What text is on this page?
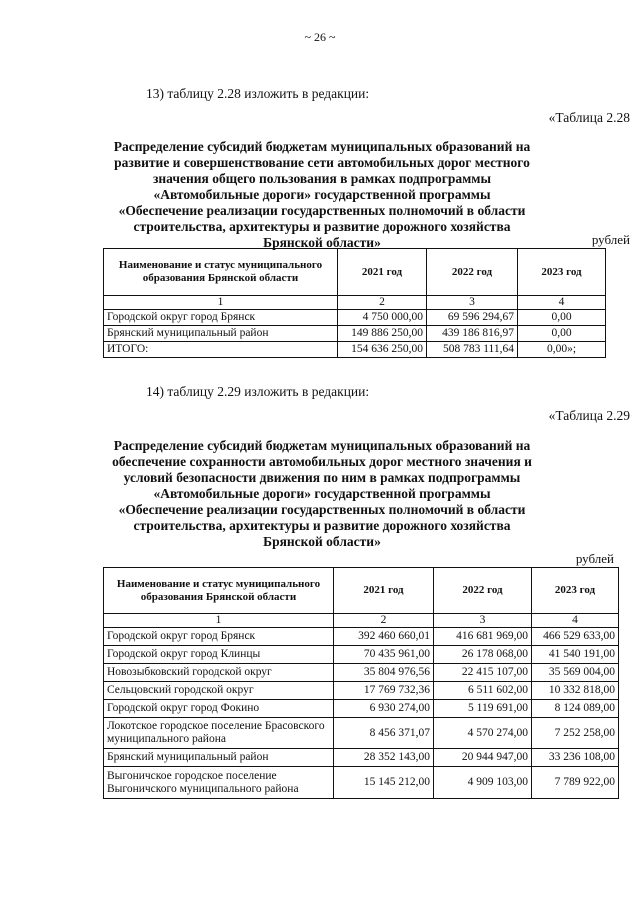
~ 26 ~
13) таблицу 2.28 изложить в редакции:
«Таблица 2.28
Распределение субсидий бюджетам муниципальных образований на развитие и совершенствование сети автомобильных дорог местного значения общего пользования в рамках подпрограммы «Автомобильные дороги» государственной программы «Обеспечение реализации государственных полномочий в области строительства, архитектуры и развитие дорожного хозяйства Брянской области»	рублей
Наименование и статус муниципального образования Брянской области	2021 год	2022 год	2023 год
1	2	3	4
Городской округ город Брянск	4 750 000,00	69 596 294,67	0,00
Брянский муниципальный район	149 886 250,00	439 186 816,97	0,00
ИТОГО:	154 636 250,00	508 783 111,64	0,00»;
14) таблицу 2.29 изложить в редакции:
«Таблица 2.29
Распределение субсидий бюджетам муниципальных образований на обеспечение сохранности автомобильных дорог местного значения и условий безопасности движения по ним в рамках подпрограммы «Автомобильные дороги» государственной программы «Обеспечение реализации государственных полномочий в области строительства, архитектуры и развитие дорожного хозяйства Брянской области»
рублей
Наименование и статус муниципального образования Брянской области	2021 год	2022 год	2023 год
1	2	3	4
Городской округ город Брянск	392 460 660,01	416 681 969,00	466 529 633,00
Городской округ город Клинцы	70 435 961,00	26 178 068,00	41 540 191,00
Новозыбковский городской округ	35 804 976,56	22 415 107,00	35 569 004,00
Сельцовский городской округ	17 769 732,36	6 511 602,00	10 332 818,00
Городской округ город Фокино	6 930 274,00	5 119 691,00	8 124 089,00
Локотское городское поселение Брасовского муниципального района	8 456 371,07	4 570 274,00	7 252 258,00
Брянский муниципальный район	28 352 143,00	20 944 947,00	33 236 108,00
Выгоничское городское поселение Выгоничского муниципального района	15 145 212,00	4 909 103,00	7 789 922,00
